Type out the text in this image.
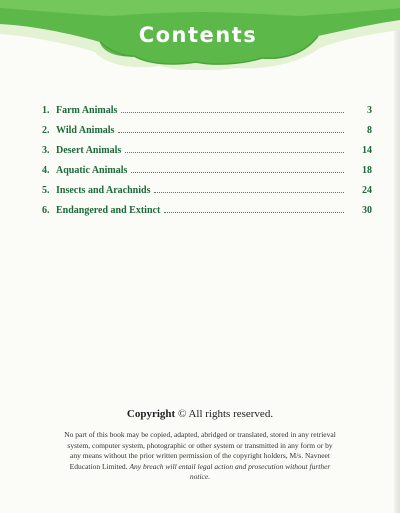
Contents
1. Farm Animals	3
2. Wild Animals	8
3. Desert Animals	14
4. Aquatic Animals	18
5. Insects and Arachnids	24
6. Endangered and Extinct	30
Copyright © All rights reserved.
No part of this book may be copied, adapted, abridged or translated, stored in any retrieval system, computer system, photographic or other system or transmitted in any form or by any means without the prior written permission of the copyright holders, M/s. Navneet Education Limited. Any breach will entail legal action and prosecution without further notice.
